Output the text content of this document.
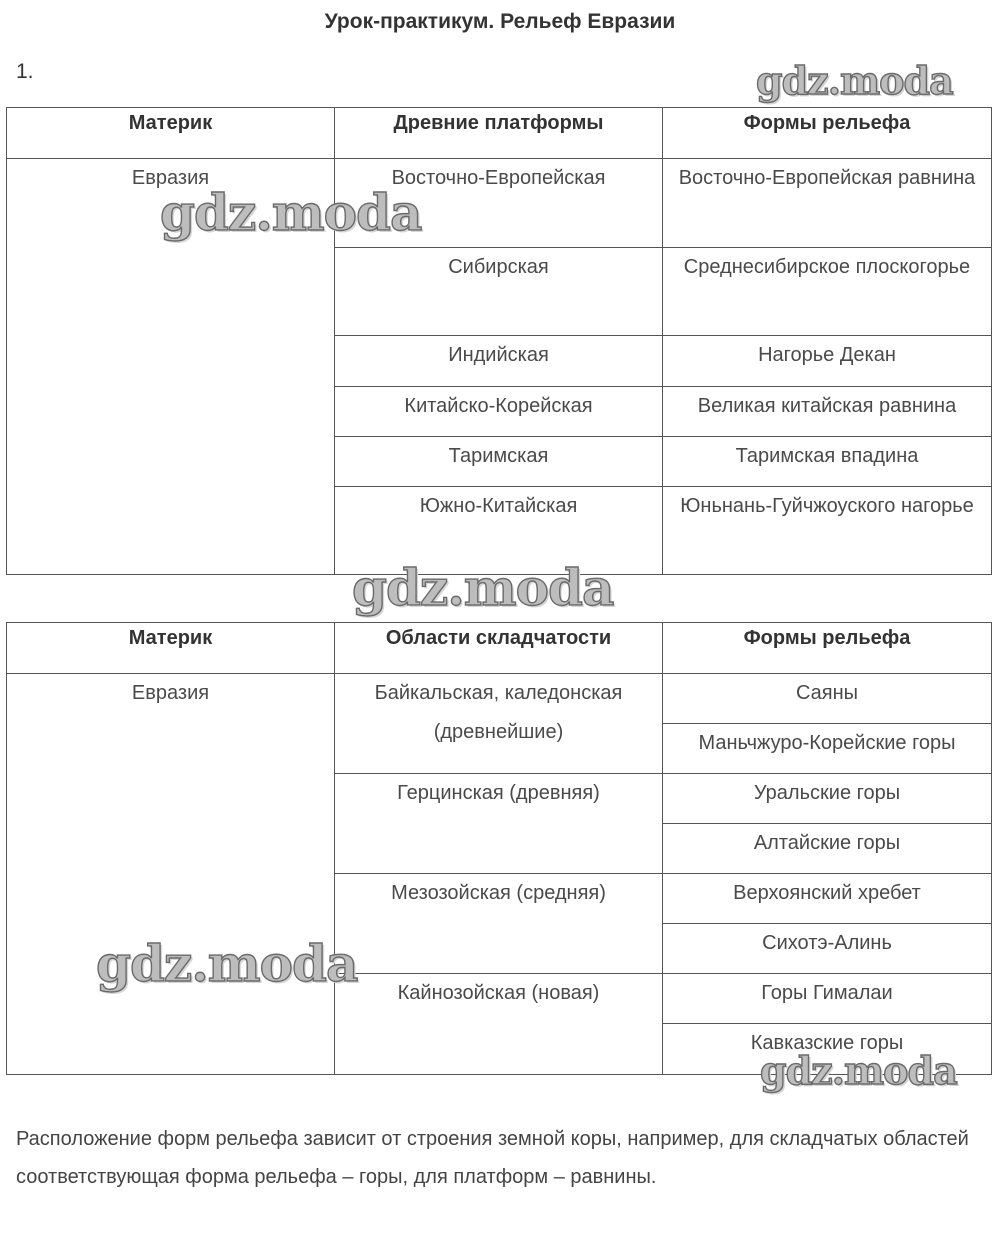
Урок-практикум. Рельеф Евразии
1.
Материк	Древние платформы	Формы рельефа
Евразия	Восточно-Европейская	Восточно-Европейская равнина
	Сибирская	Среднесибирское плоскогорье
	Индийская	Нагорье Декан
	Китайско-Корейская	Великая китайская равнина
	Таримская	Таримская впадина
	Южно-Китайская	Юньнань-Гуйчжоуского нагорье
Материк	Области складчатости	Формы рельефа
Евразия	Байкальская, каледонская (древнейшие)	Саяны
		Маньчжуро-Корейские горы
	Герцинская (древняя)	Уральские горы
		Алтайские горы
	Мезозойская (средняя)	Верхоянский хребет
		Сихотэ-Алинь
	Кайнозойская (новая)	Горы Гималаи
		Кавказские горы
Расположение форм рельефа зависит от строения земной коры, например, для складчатых областей соответствующая форма рельефа – горы, для платформ – равнины.
gdz.moda
gdz.moda
gdz.moda
gdz.moda
gdz.moda
